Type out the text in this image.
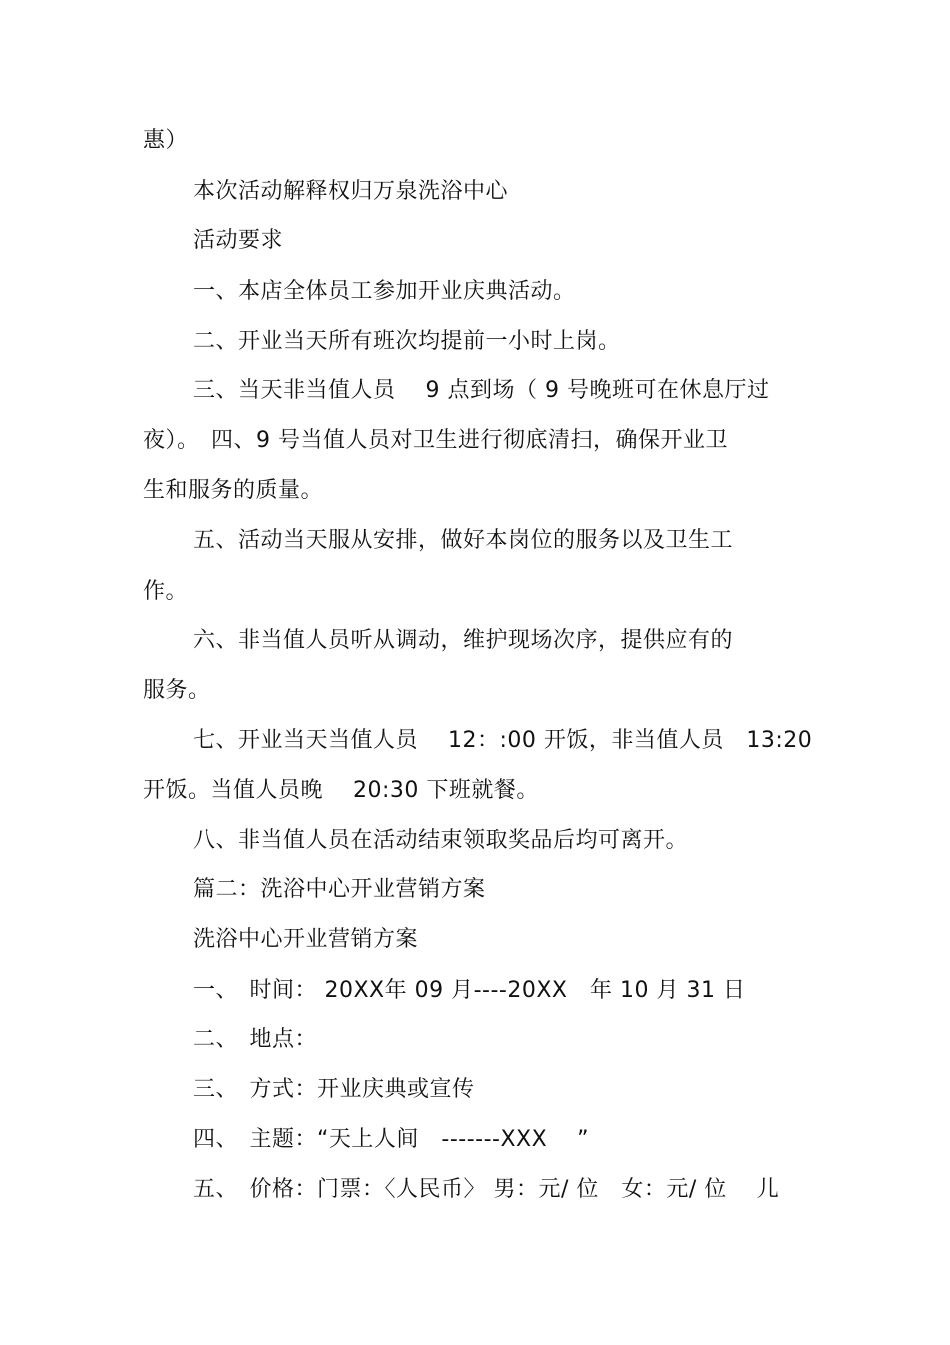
惠）
本次活动解释权归万泉洗浴中心
活动要求
一、本店全体员工参加开业庆典活动。
二、开业当天所有班次均提前一小时上岗。
三、当天非当值人员　 9 点到场（ 9 号晚班可在休息厅过
夜）。　四、9 号当值人员对卫生进行彻底清扫，确保开业卫
生和服务的质量。
五、活动当天服从安排，做好本岗位的服务以及卫生工
作。
六、非当值人员听从调动，维护现场次序，提供应有的
服务。
七、开业当天当值人员　 12：:00 开饭，非当值人员　13:20
开饭。当值人员晚　 20:30 下班就餐。
八、非当值人员在活动结束领取奖品后均可离开。
篇二：洗浴中心开业营销方案
洗浴中心开业营销方案
一、　时间： 20XX年 09 月----20XX　年 10 月 31 日
二、　地点：
三、　方式：开业庆典或宣传
四、　主题：“天上人间　-------XXX　 ”
五、　价格：门票：〈人民币〉 男：元/ 位　女：元/ 位　 儿
